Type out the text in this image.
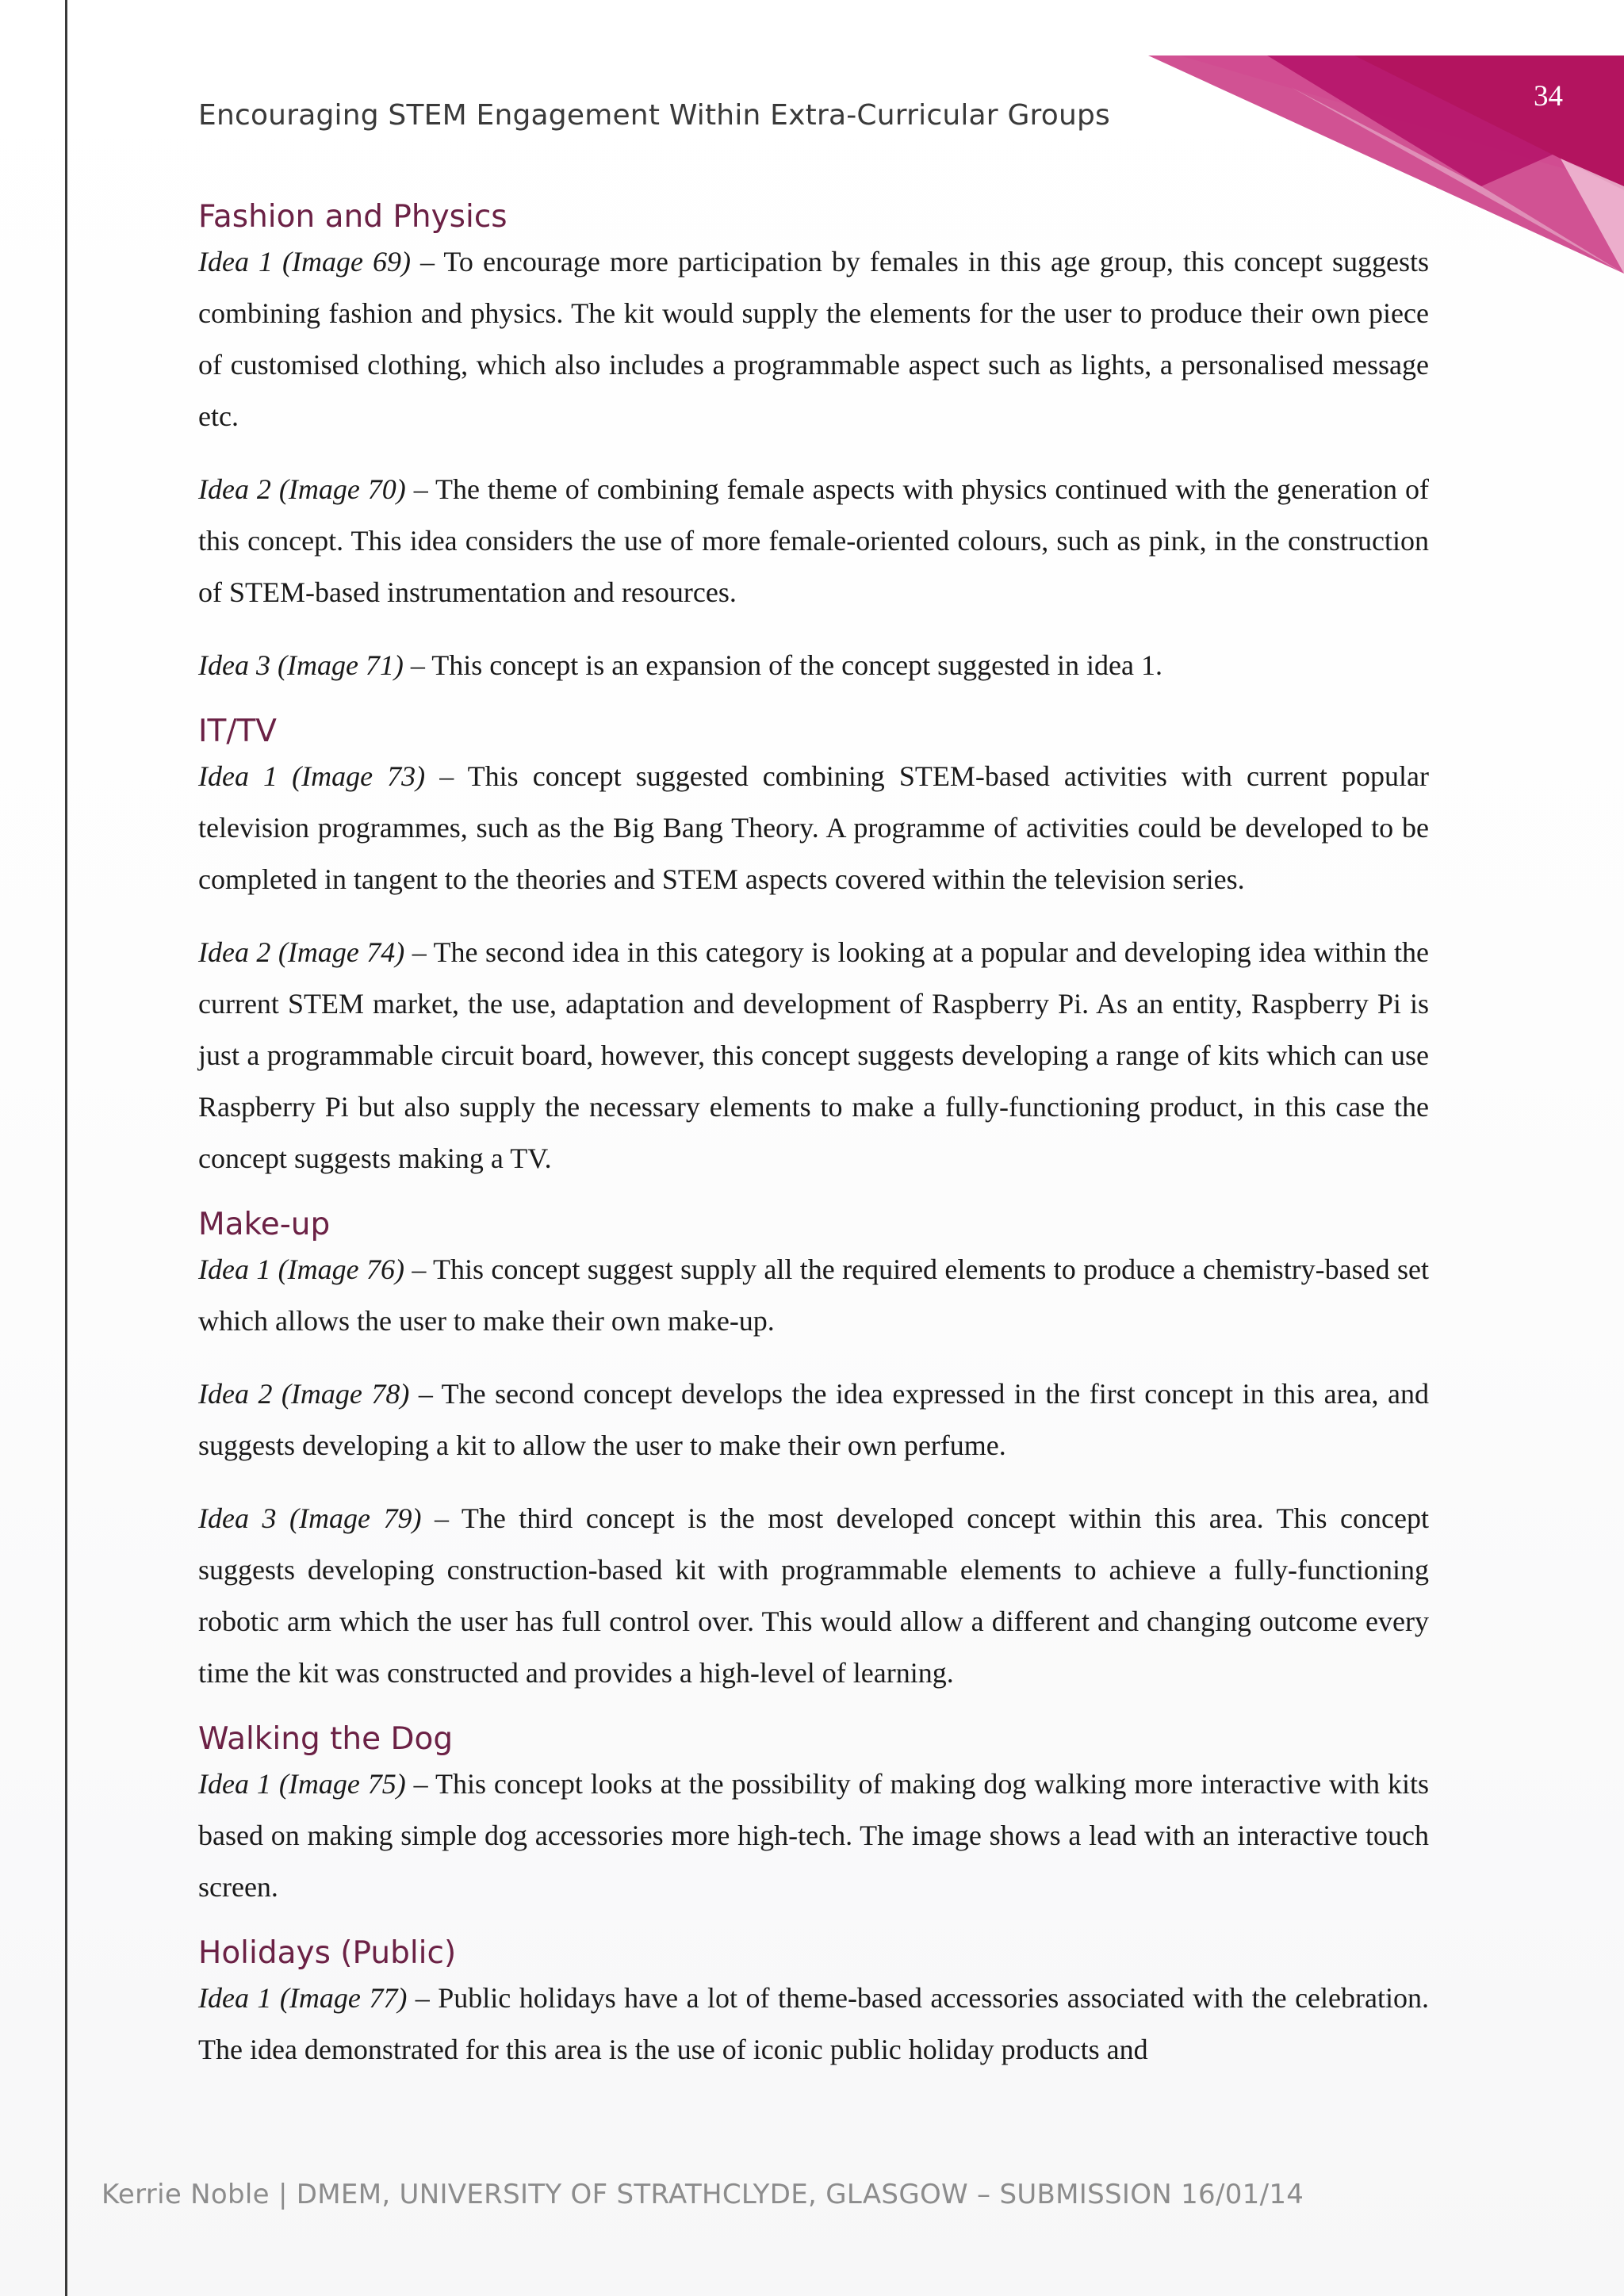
34
Encouraging STEM Engagement Within Extra-Curricular Groups
Fashion and Physics

Idea 1 (Image 69) – To encourage more participation by females in this age group, this concept suggests combining fashion and physics. The kit would supply the elements for the user to produce their own piece of customised clothing, which also includes a programmable aspect such as lights, a personalised message etc.

Idea 2 (Image 70) – The theme of combining female aspects with physics continued with the generation of this concept. This idea considers the use of more female-oriented colours, such as pink, in the construction of STEM-based instrumentation and resources.

Idea 3 (Image 71) – This concept is an expansion of the concept suggested in idea 1.

IT/TV

Idea 1 (Image 73) – This concept suggested combining STEM-based activities with current popular television programmes, such as the Big Bang Theory. A programme of activities could be developed to be completed in tangent to the theories and STEM aspects covered within the television series.

Idea 2 (Image 74) – The second idea in this category is looking at a popular and developing idea within the current STEM market, the use, adaptation and development of Raspberry Pi. As an entity, Raspberry Pi is just a programmable circuit board, however, this concept suggests developing a range of kits which can use Raspberry Pi but also supply the necessary elements to make a fully-functioning product, in this case the concept suggests making a TV.

Make-up

Idea 1 (Image 76) – This concept suggest supply all the required elements to produce a chemistry-based set which allows the user to make their own make-up.

Idea 2 (Image 78) – The second concept develops the idea expressed in the first concept in this area, and suggests developing a kit to allow the user to make their own perfume.

Idea 3 (Image 79) – The third concept is the most developed concept within this area. This concept suggests developing construction-based kit with programmable elements to achieve a fully-functioning robotic arm which the user has full control over. This would allow a different and changing outcome every time the kit was constructed and provides a high-level of learning.

Walking the Dog

Idea 1 (Image 75) – This concept looks at the possibility of making dog walking more interactive with kits based on making simple dog accessories more high-tech. The image shows a lead with an interactive touch screen.

Holidays (Public)

Idea 1 (Image 77) – Public holidays have a lot of theme-based accessories associated with the celebration. The idea demonstrated for this area is the use of iconic public holiday products and

Kerrie Noble | DMEM, UNIVERSITY OF STRATHCLYDE, GLASGOW – SUBMISSION 16/01/14
